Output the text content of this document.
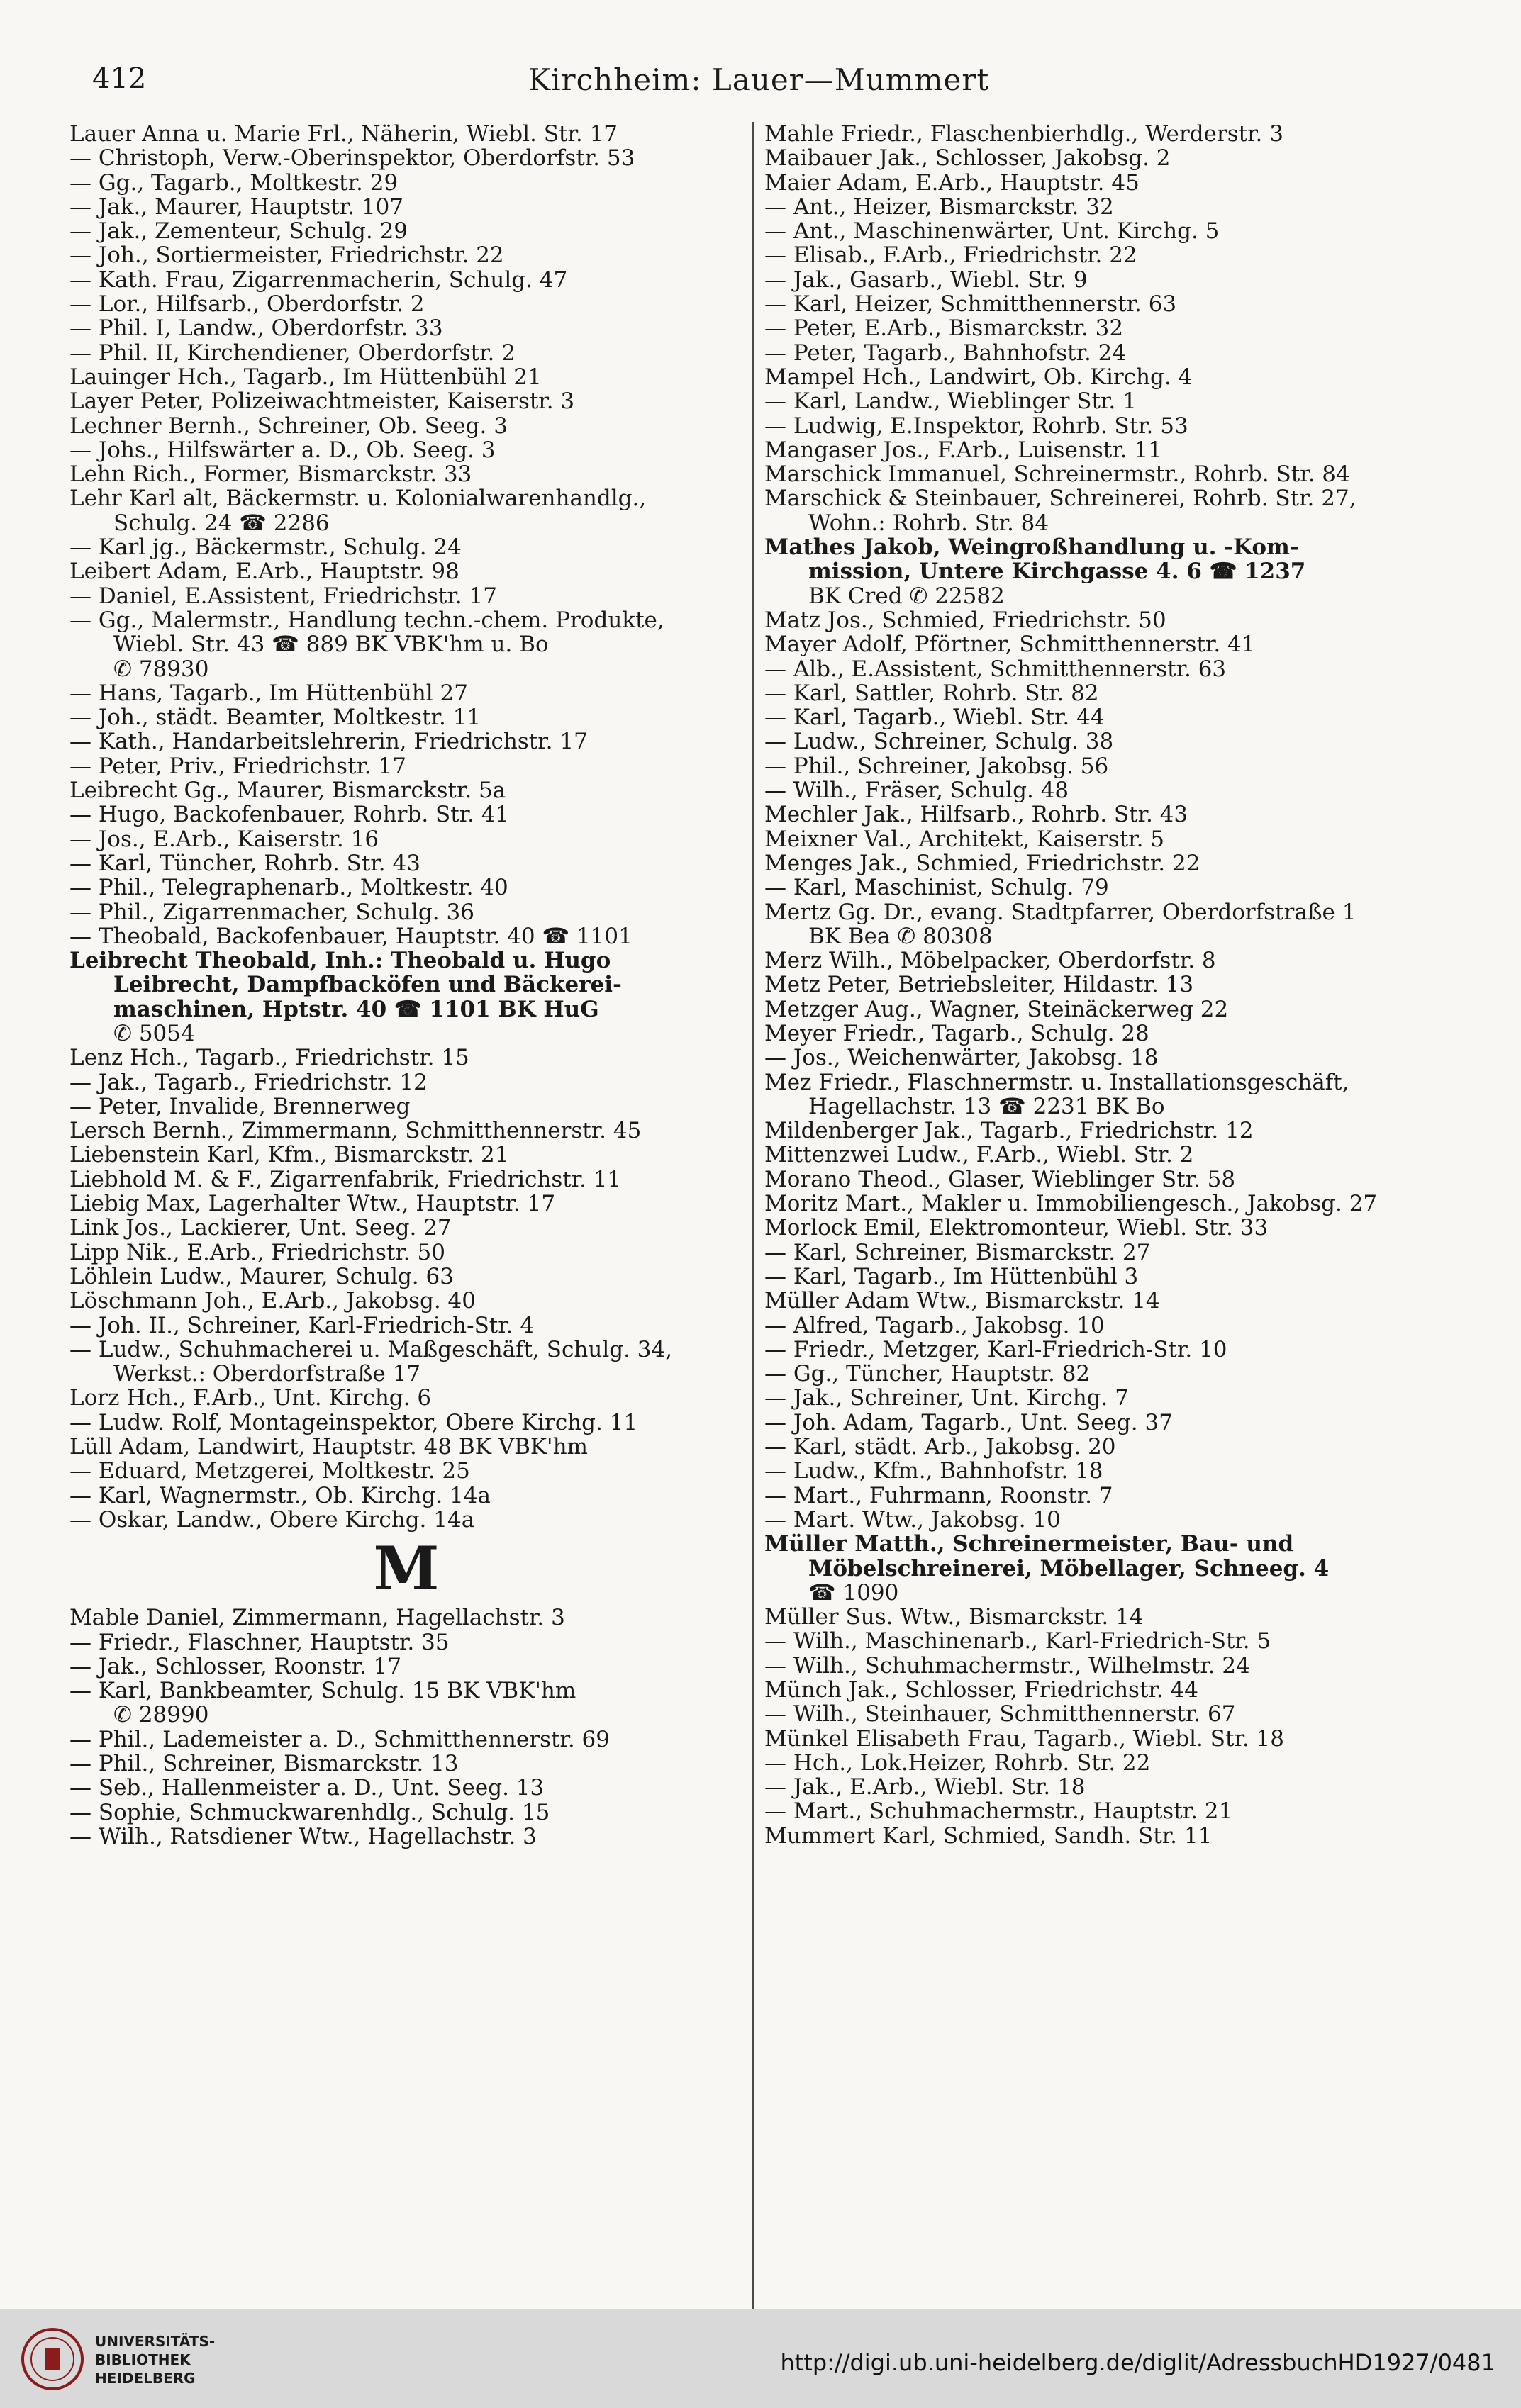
412	Kirchheim: Lauer—Mummert
Lauer Anna u. Marie Frl., Näherin, Wiebl. Str. 17
— Christoph, Verw.-Oberinspektor, Oberdorfstr. 53
— Gg., Tagarb., Moltkestr. 29
— Jak., Maurer, Hauptstr. 107
— Jak., Zementeur, Schulg. 29
— Joh., Sortiermeister, Friedrichstr. 22
— Kath. Frau, Zigarrenmacherin, Schulg. 47
— Lor., Hilfsarb., Oberdorfstr. 2
— Phil. I, Landw., Oberdorfstr. 33
— Phil. II, Kirchendiener, Oberdorfstr. 2
Lauinger Hch., Tagarb., Im Hüttenbühl 21
Layer Peter, Polizeiwachtmeister, Kaiserstr. 3
Lechner Bernh., Schreiner, Ob. Seeg. 3
— Johs., Hilfswärter a. D., Ob. Seeg. 3
Lehn Rich., Former, Bismarckstr. 33
Lehr Karl alt, Bäckermstr. u. Kolonialwarenhandlg.,
Schulg. 24 ☎ 2286
— Karl jg., Bäckermstr., Schulg. 24
Leibert Adam, E.Arb., Hauptstr. 98
— Daniel, E.Assistent, Friedrichstr. 17
— Gg., Malermstr., Handlung techn.-chem. Produkte,
Wiebl. Str. 43 ☎ 889 BK VBK'hm u. Bo
✆ 78930
— Hans, Tagarb., Im Hüttenbühl 27
— Joh., städt. Beamter, Moltkestr. 11
— Kath., Handarbeitslehrerin, Friedrichstr. 17
— Peter, Priv., Friedrichstr. 17
Leibrecht Gg., Maurer, Bismarckstr. 5a
— Hugo, Backofenbauer, Rohrb. Str. 41
— Jos., E.Arb., Kaiserstr. 16
— Karl, Tüncher, Rohrb. Str. 43
— Phil., Telegraphenarb., Moltkestr. 40
— Phil., Zigarrenmacher, Schulg. 36
— Theobald, Backofenbauer, Hauptstr. 40 ☎ 1101
Leibrecht Theobald, Inh.: Theobald u. Hugo
Leibrecht, Dampfbacköfen und Bäckerei-
maschinen, Hptstr. 40 ☎ 1101 BK HuG
✆ 5054
Lenz Hch., Tagarb., Friedrichstr. 15
— Jak., Tagarb., Friedrichstr. 12
— Peter, Invalide, Brennerweg
Lersch Bernh., Zimmermann, Schmitthennerstr. 45
Liebenstein Karl, Kfm., Bismarckstr. 21
Liebhold M. & F., Zigarrenfabrik, Friedrichstr. 11
Liebig Max, Lagerhalter Wtw., Hauptstr. 17
Link Jos., Lackierer, Unt. Seeg. 27
Lipp Nik., E.Arb., Friedrichstr. 50
Löhlein Ludw., Maurer, Schulg. 63
Löschmann Joh., E.Arb., Jakobsg. 40
— Joh. II., Schreiner, Karl-Friedrich-Str. 4
— Ludw., Schuhmacherei u. Maßgeschäft, Schulg. 34,
Werkst.: Oberdorfstraße 17
Lorz Hch., F.Arb., Unt. Kirchg. 6
— Ludw. Rolf, Montageinspektor, Obere Kirchg. 11
Lüll Adam, Landwirt, Hauptstr. 48 BK VBK'hm
— Eduard, Metzgerei, Moltkestr. 25
— Karl, Wagnermstr., Ob. Kirchg. 14a
— Oskar, Landw., Obere Kirchg. 14a
M
Mable Daniel, Zimmermann, Hagellachstr. 3
— Friedr., Flaschner, Hauptstr. 35
— Jak., Schlosser, Roonstr. 17
— Karl, Bankbeamter, Schulg. 15 BK VBK'hm
✆ 28990
— Phil., Lademeister a. D., Schmitthennerstr. 69
— Phil., Schreiner, Bismarckstr. 13
— Seb., Hallenmeister a. D., Unt. Seeg. 13
— Sophie, Schmuckwarenhdlg., Schulg. 15
— Wilh., Ratsdiener Wtw., Hagellachstr. 3
Mahle Friedr., Flaschenbierhdlg., Werderstr. 3
Maibauer Jak., Schlosser, Jakobsg. 2
Maier Adam, E.Arb., Hauptstr. 45
— Ant., Heizer, Bismarckstr. 32
— Ant., Maschinenwärter, Unt. Kirchg. 5
— Elisab., F.Arb., Friedrichstr. 22
— Jak., Gasarb., Wiebl. Str. 9
— Karl, Heizer, Schmitthennerstr. 63
— Peter, E.Arb., Bismarckstr. 32
— Peter, Tagarb., Bahnhofstr. 24
Mampel Hch., Landwirt, Ob. Kirchg. 4
— Karl, Landw., Wieblinger Str. 1
— Ludwig, E.Inspektor, Rohrb. Str. 53
Mangaser Jos., F.Arb., Luisenstr. 11
Marschick Immanuel, Schreinermstr., Rohrb. Str. 84
Marschick & Steinbauer, Schreinerei, Rohrb. Str. 27,
Wohn.: Rohrb. Str. 84
Mathes Jakob, Weingroßhandlung u. -Kom-
mission, Untere Kirchgasse 4. 6 ☎ 1237
BK Cred ✆ 22582
Matz Jos., Schmied, Friedrichstr. 50
Mayer Adolf, Pförtner, Schmitthennerstr. 41
— Alb., E.Assistent, Schmitthennerstr. 63
— Karl, Sattler, Rohrb. Str. 82
— Karl, Tagarb., Wiebl. Str. 44
— Ludw., Schreiner, Schulg. 38
— Phil., Schreiner, Jakobsg. 56
— Wilh., Fräser, Schulg. 48
Mechler Jak., Hilfsarb., Rohrb. Str. 43
Meixner Val., Architekt, Kaiserstr. 5
Menges Jak., Schmied, Friedrichstr. 22
— Karl, Maschinist, Schulg. 79
Mertz Gg. Dr., evang. Stadtpfarrer, Oberdorfstraße 1
BK Bea ✆ 80308
Merz Wilh., Möbelpacker, Oberdorfstr. 8
Metz Peter, Betriebsleiter, Hildastr. 13
Metzger Aug., Wagner, Steinäckerweg 22
Meyer Friedr., Tagarb., Schulg. 28
— Jos., Weichenwärter, Jakobsg. 18
Mez Friedr., Flaschnermstr. u. Installationsgeschäft,
Hagellachstr. 13 ☎ 2231 BK Bo
Mildenberger Jak., Tagarb., Friedrichstr. 12
Mittenzwei Ludw., F.Arb., Wiebl. Str. 2
Morano Theod., Glaser, Wieblinger Str. 58
Moritz Mart., Makler u. Immobiliengesch., Jakobsg. 27
Morlock Emil, Elektromonteur, Wiebl. Str. 33
— Karl, Schreiner, Bismarckstr. 27
— Karl, Tagarb., Im Hüttenbühl 3
Müller Adam Wtw., Bismarckstr. 14
— Alfred, Tagarb., Jakobsg. 10
— Friedr., Metzger, Karl-Friedrich-Str. 10
— Gg., Tüncher, Hauptstr. 82
— Jak., Schreiner, Unt. Kirchg. 7
— Joh. Adam, Tagarb., Unt. Seeg. 37
— Karl, städt. Arb., Jakobsg. 20
— Ludw., Kfm., Bahnhofstr. 18
— Mart., Fuhrmann, Roonstr. 7
— Mart. Wtw., Jakobsg. 10
Müller Matth., Schreinermeister, Bau- und
Möbelschreinerei, Möbellager, Schneeg. 4
☎ 1090
Müller Sus. Wtw., Bismarckstr. 14
— Wilh., Maschinenarb., Karl-Friedrich-Str. 5
— Wilh., Schuhmachermstr., Wilhelmstr. 24
Münch Jak., Schlosser, Friedrichstr. 44
— Wilh., Steinhauer, Schmitthennerstr. 67
Münkel Elisabeth Frau, Tagarb., Wiebl. Str. 18
— Hch., Lok.Heizer, Rohrb. Str. 22
— Jak., E.Arb., Wiebl. Str. 18
— Mart., Schuhmachermstr., Hauptstr. 21
Mummert Karl, Schmied, Sandh. Str. 11
UNIVERSITÄTS-
BIBLIOTHEK
HEIDELBERG
http://digi.ub.uni-heidelberg.de/diglit/AdressbuchHD1927/0481
